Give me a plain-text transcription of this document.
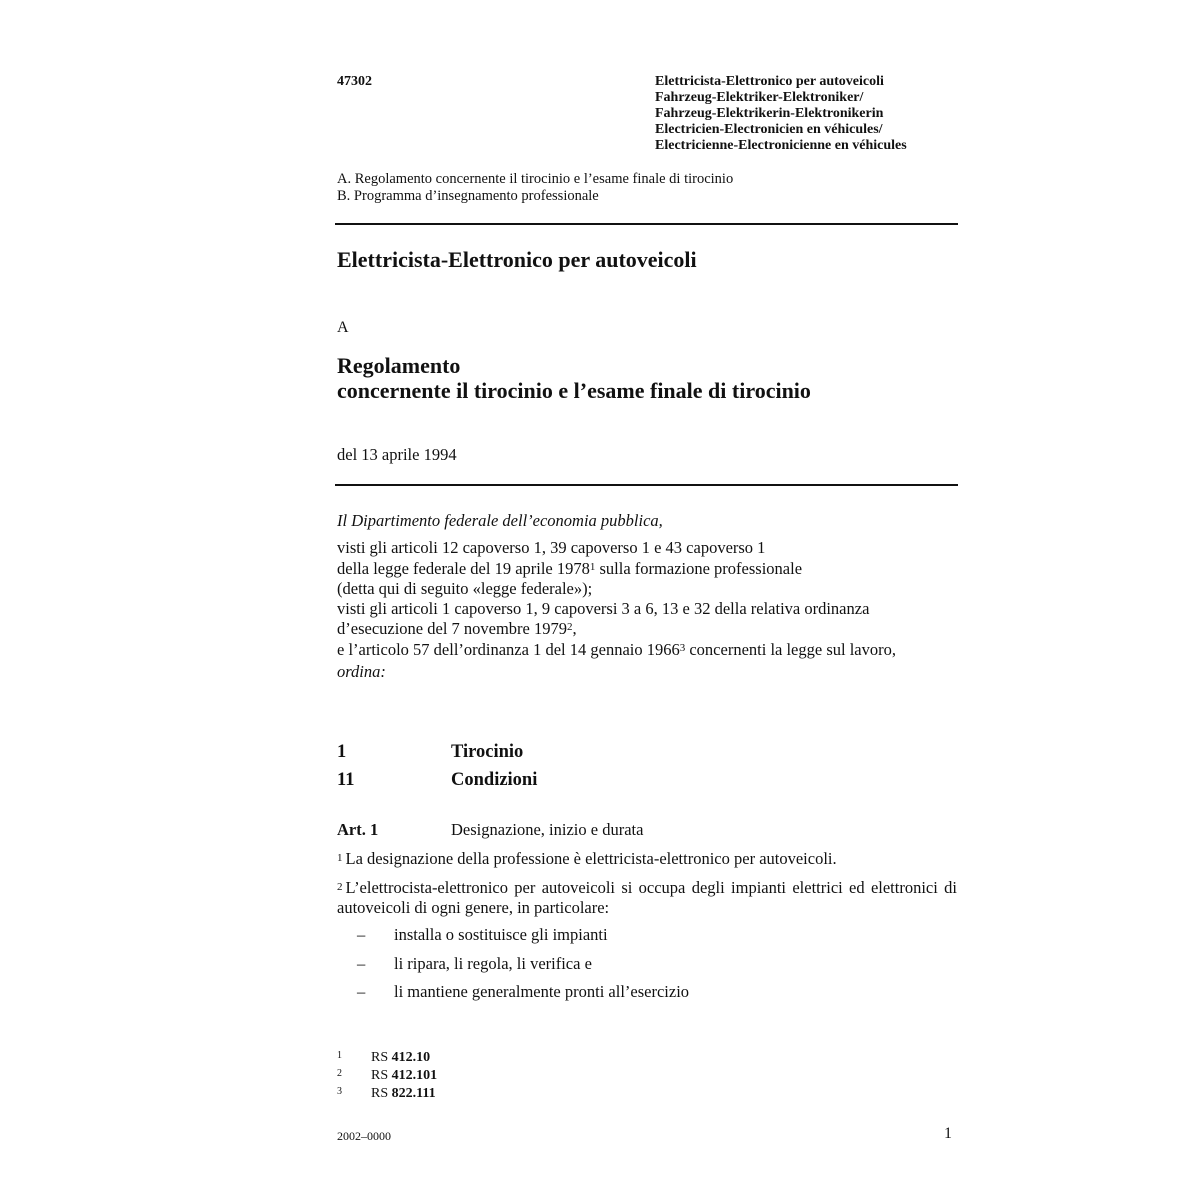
47302	Elettricista-Elettronico per autoveicoli
Fahrzeug-Elektriker-Elektroniker/
Fahrzeug-Elektrikerin-Elektronikerin
Electricien-Electronicien en véhicules/
Electricienne-Electronicienne en véhicules
A. Regolamento concernente il tirocinio e l’esame finale di tirocinio
B. Programma d’insegnamento professionale
Elettricista-Elettronico per autoveicoli
A
Regolamento
concernente il tirocinio e l’esame finale di tirocinio
del 13 aprile 1994
Il Dipartimento federale dell’economia pubblica,
visti gli articoli 12 capoverso 1, 39 capoverso 1 e 43 capoverso 1
della legge federale del 19 aprile 1978$^1$ sulla formazione professionale
(detta qui di seguito «legge federale»);
visti gli articoli 1 capoverso 1, 9 capoversi 3 a 6, 13 e 32 della relativa ordinanza
d’esecuzione del 7 novembre 1979$^2$,
e l’articolo 57 dell’ordinanza 1 del 14 gennaio 1966$^3$ concernenti la legge sul lavoro,
ordina:
1	Tirocinio
11	Condizioni
Art. 1	Designazione, inizio e durata
1 La designazione della professione è elettricista-elettronico per autoveicoli.
2 L’elettrocista-elettronico per autoveicoli si occupa degli impianti elettrici ed elettronici di autoveicoli di ogni genere, in particolare:
– installa o sostituisce gli impianti
– li ripara, li regola, li verifica e
– li mantiene generalmente pronti all’esercizio
1 RS 412.10
2 RS 412.101
3 RS 822.111
2002–0000	1
